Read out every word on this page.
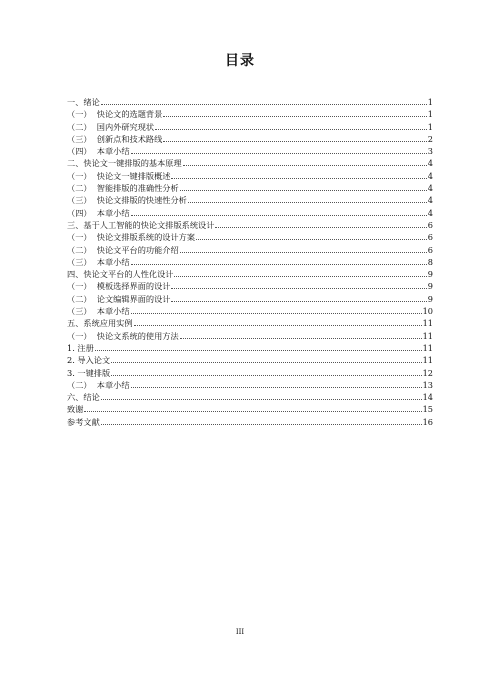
目录
一、绪论	1
（一）  快论文的选题背景	1
（二）  国内外研究现状	1
（三）  创新点和技术路线	2
（四）  本章小结	3
二、快论文一键排版的基本原理	4
（一）  快论文一键排版概述	4
（二）  智能排版的准确性分析	4
（三）  快论文排版的快速性分析	4
（四）  本章小结	4
三、基于人工智能的快论文排版系统设计	6
（一）  快论文排版系统的设计方案	6
（二）  快论文平台的功能介绍	6
（三）  本章小结	8
四、快论文平台的人性化设计	9
（一）  模板选择界面的设计	9
（二）  论文编辑界面的设计	9
（三）  本章小结	10
五、系统应用实例	11
（一）  快论文系统的使用方法	11
1. 注册	11
2. 导入论文	11
3. 一键排版	12
（二）  本章小结	13
六、结论	14
致谢	15
参考文献	16
III
